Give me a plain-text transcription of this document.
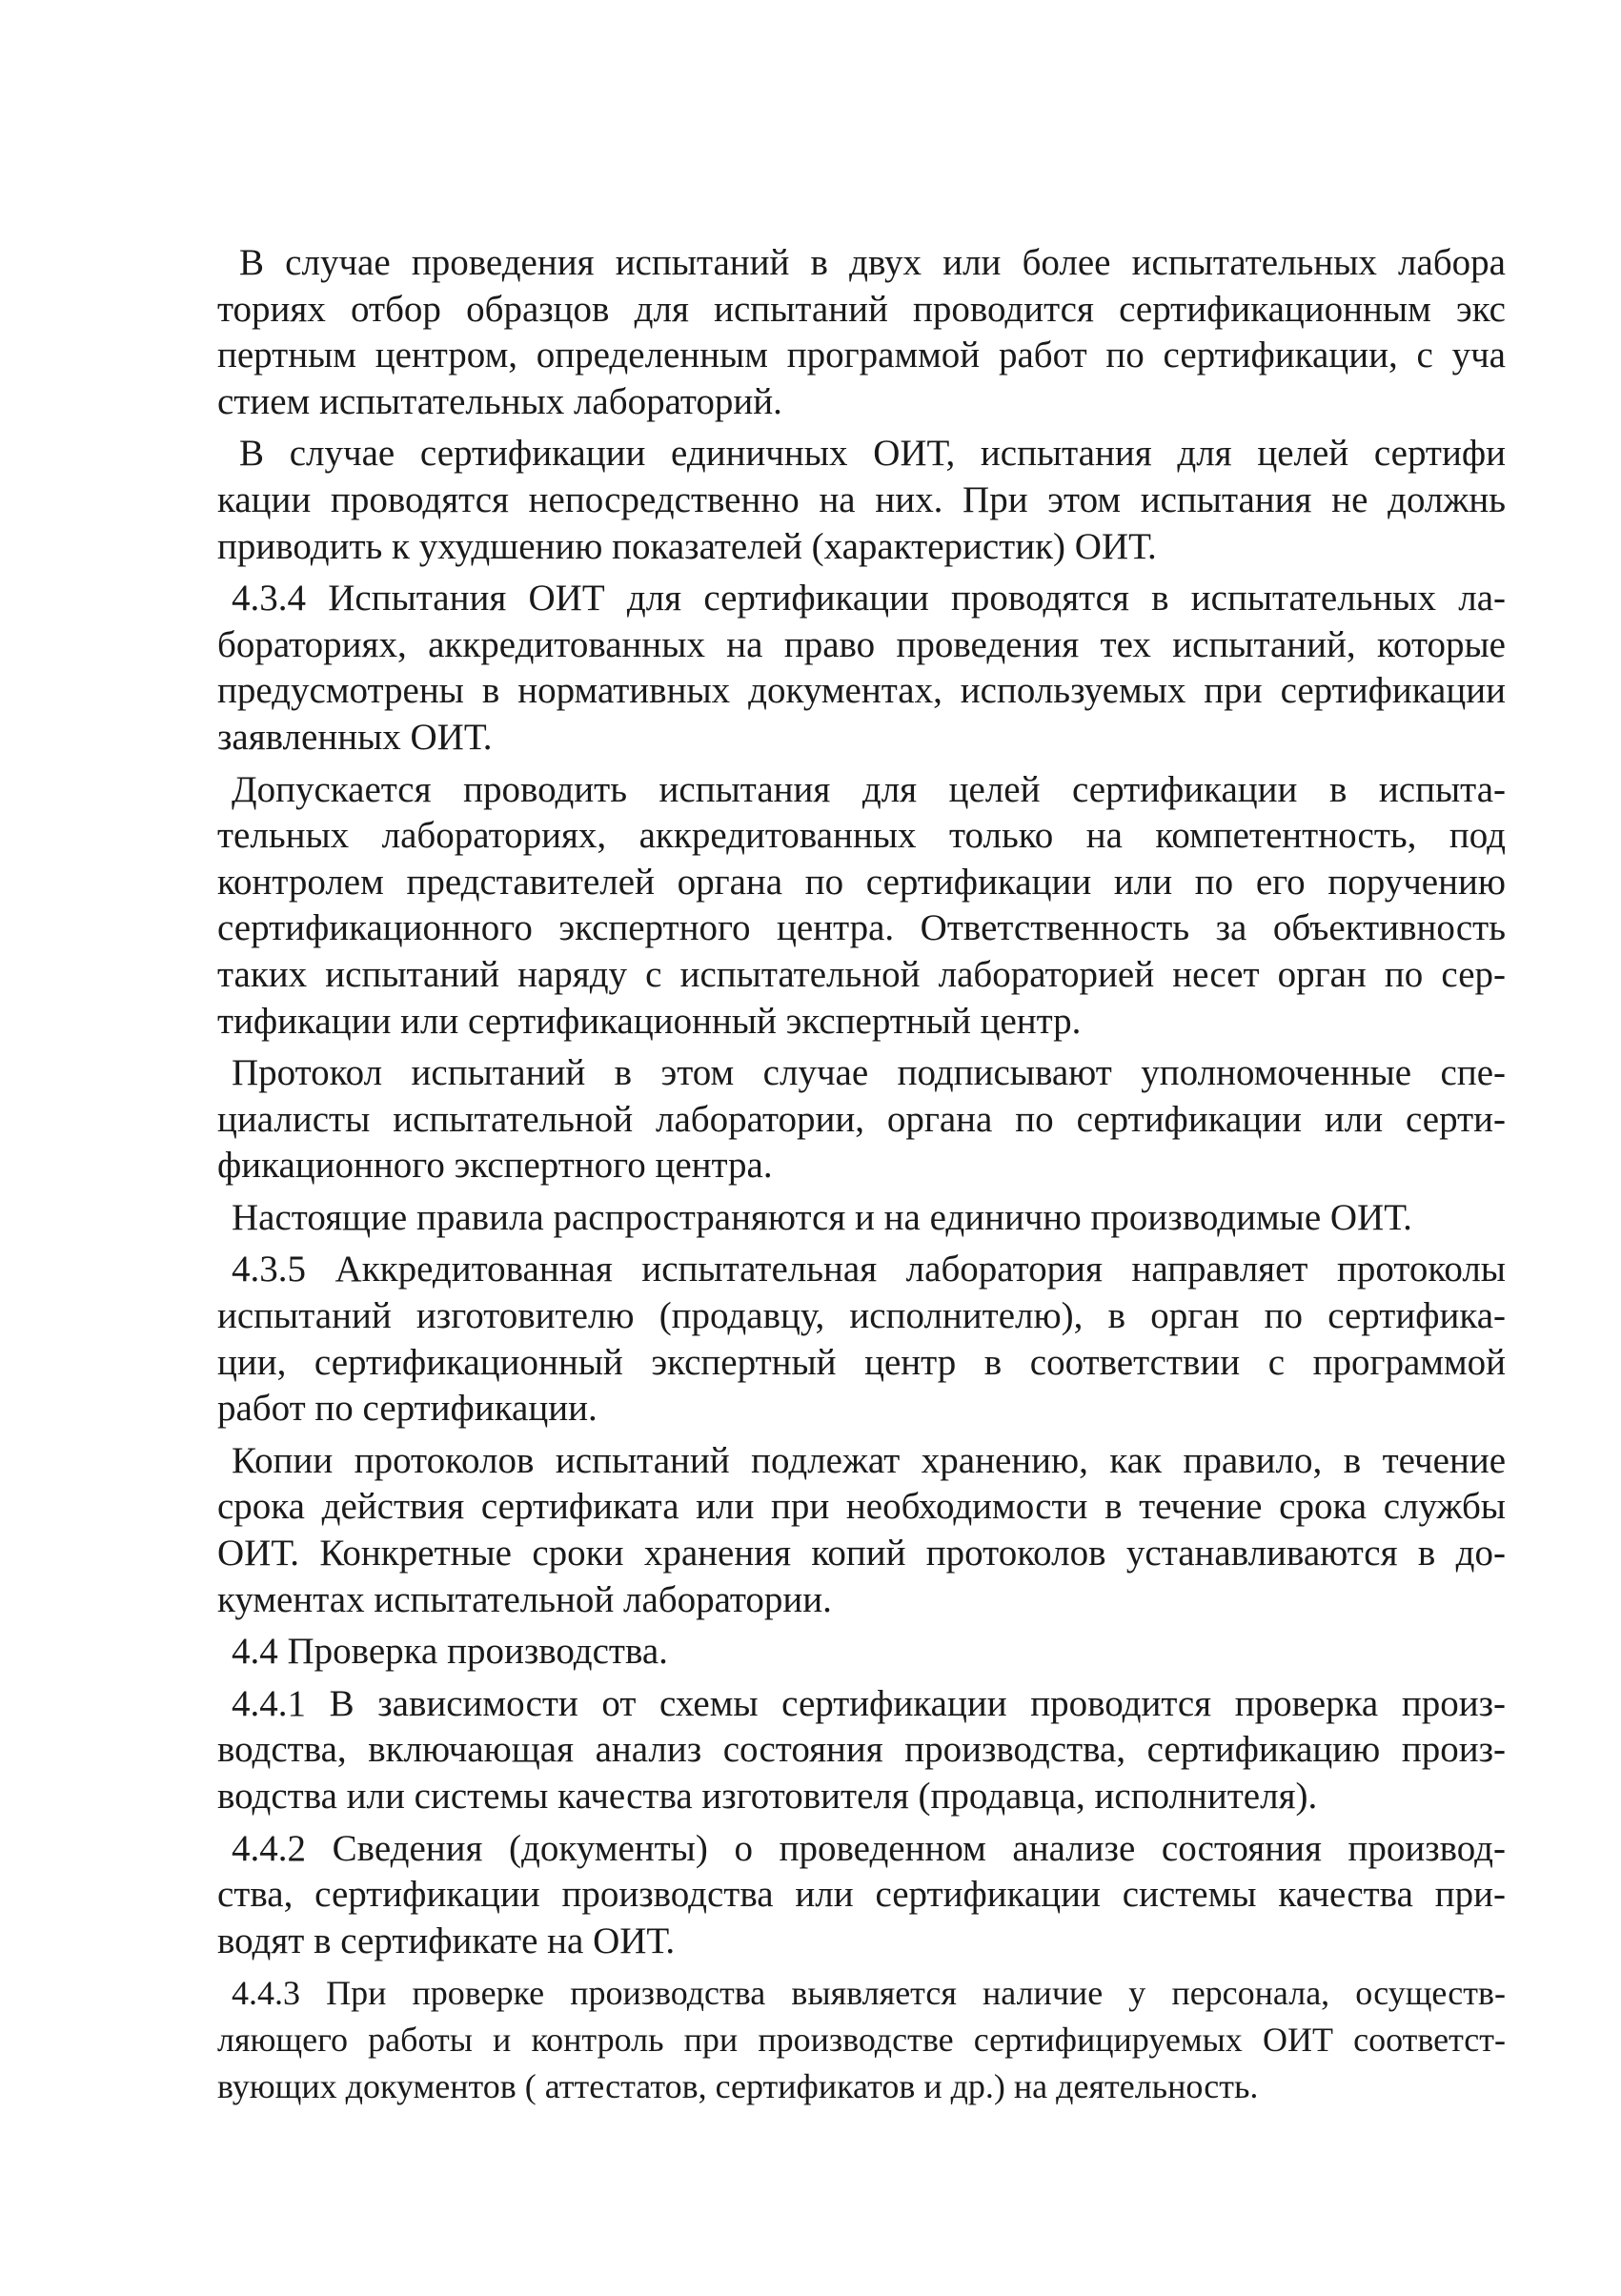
В случае проведения испытаний в двух или более испытательных лабора
ториях отбор образцов для испытаний проводится сертификационным экс
пертным центром, определенным программой работ по сертификации, с уча
стием испытательных лабораторий.

В случае сертификации единичных ОИТ, испытания для целей сертифи
кации проводятся непосредственно на них. При этом испытания не должнь
приводить к ухудшению показателей (характеристик) ОИТ.

4.3.4 Испытания ОИТ для сертификации проводятся в испытательных ла-
бораториях, аккредитованных на право проведения тех испытаний, которые
предусмотрены в нормативных документах, используемых при сертификации
заявленных ОИТ.

Допускается проводить испытания для целей сертификации в испыта-
тельных лабораториях, аккредитованных только на компетентность, под
контролем представителей органа по сертификации или по его поручению
сертификационного экспертного центра. Ответственность за объективность
таких испытаний наряду с испытательной лабораторией несет орган по сер-
тификации или сертификационный экспертный центр.

Протокол испытаний в этом случае подписывают уполномоченные спе-
циалисты испытательной лаборатории, органа по сертификации или серти-
фикационного экспертного центра.

Настоящие правила распространяются и на единично производимые ОИТ.

4.3.5 Аккредитованная испытательная лаборатория направляет протоколы
испытаний изготовителю (продавцу, исполнителю), в орган по сертифика-
ции, сертификационный экспертный центр в соответствии с программой
работ по сертификации.

Копии протоколов испытаний подлежат хранению, как правило, в течение
срока действия сертификата или при необходимости в течение срока службы
ОИТ. Конкретные сроки хранения копий протоколов устанавливаются в до-
кументах испытательной лаборатории.

4.4 Проверка производства.

4.4.1 В зависимости от схемы сертификации проводится проверка произ-
водства, включающая анализ состояния производства, сертификацию произ-
водства или системы качества изготовителя (продавца, исполнителя).

4.4.2 Сведения (документы) о проведенном анализе состояния производ-
ства, сертификации производства или сертификации системы качества при-
водят в сертификате на ОИТ.

4.4.3 При проверке производства выявляется наличие у персонала, осуществ-
ляющего работы и контроль при производстве сертифицируемых ОИТ соответст-
вующих документов ( аттестатов, сертификатов и др.) на деятельность.
